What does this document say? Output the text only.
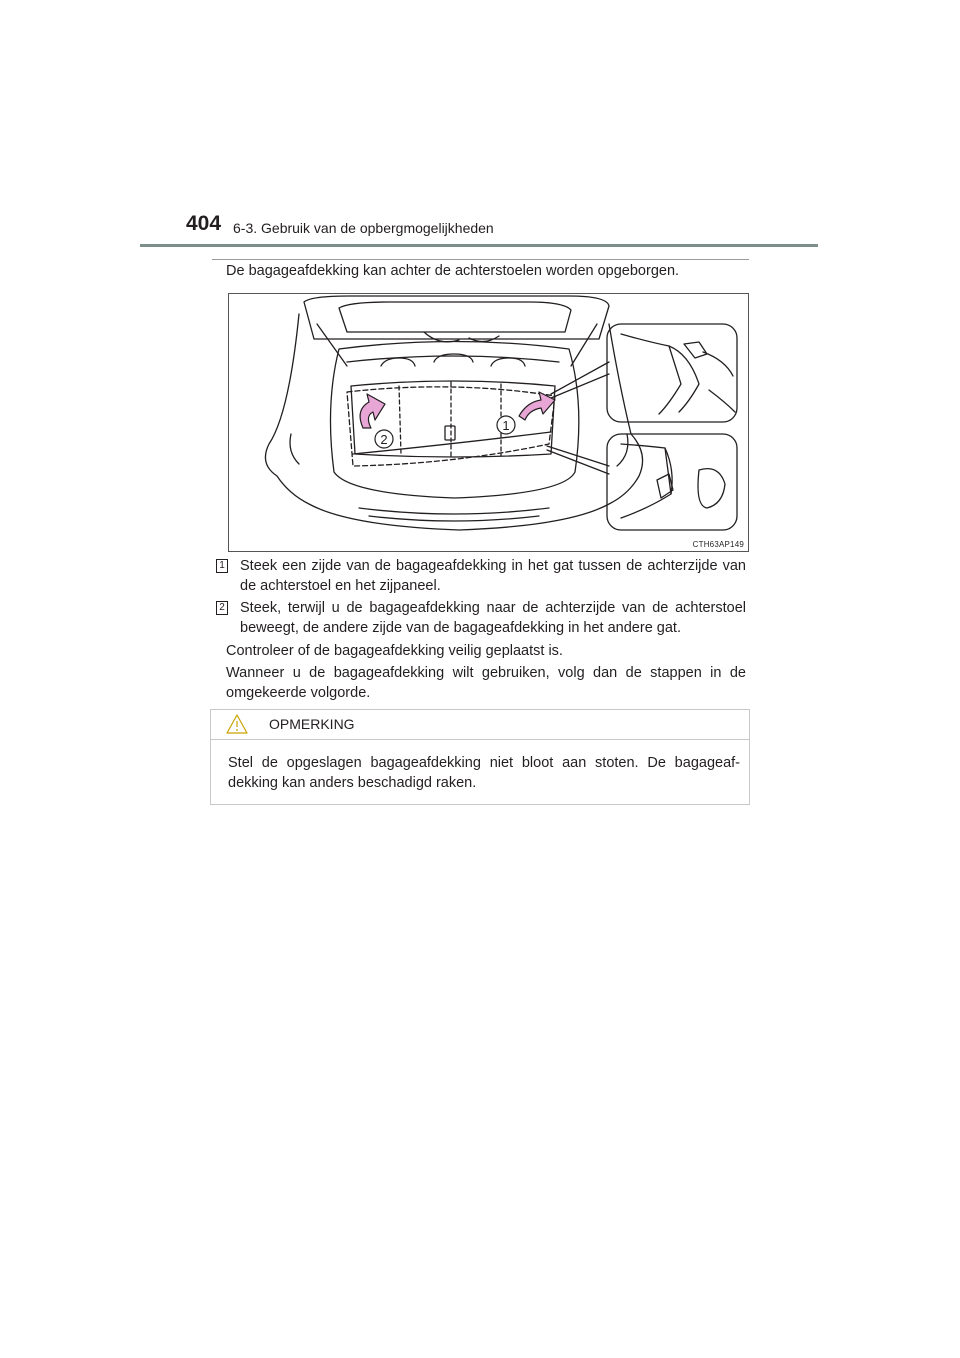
404 6-3. Gebruik van de opbergmogelijkheden
De bagageafdekking kan achter de achterstoelen worden opgeborgen.
2
1
CTH63AP149
1 Steek een zijde van de bagageafdekking in het gat tussen de achterzijde van de achterstoel en het zijpaneel.
2 Steek, terwijl u de bagageafdekking naar de achterzijde van de achterstoel beweegt, de andere zijde van de bagageafdekking in het andere gat.
Controleer of de bagageafdekking veilig geplaatst is.
Wanneer u de bagageafdekking wilt gebruiken, volg dan de stappen in de omgekeerde volgorde.
OPMERKING
Stel de opgeslagen bagageafdekking niet bloot aan stoten. De bagageaf-dekking kan anders beschadigd raken.
